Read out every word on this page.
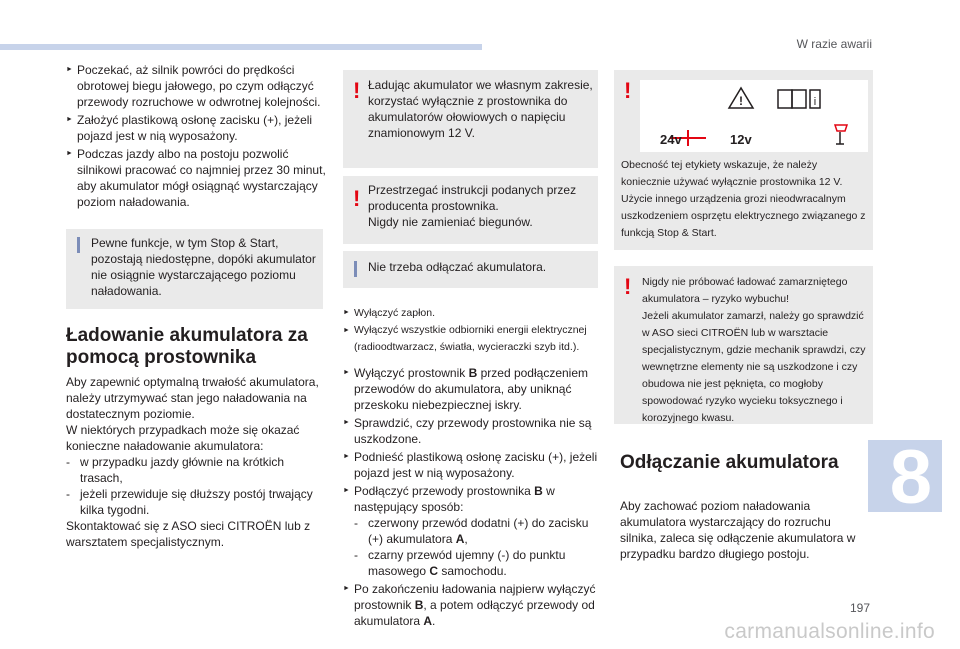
W razie awarii
8
197
carmanualsonline.info
► Poczekać, aż silnik powróci do prędkości obrotowej biegu jałowego, po czym odłączyć przewody rozruchowe w odwrotnej kolejności.
► Założyć plastikową osłonę zacisku (+), jeżeli pojazd jest w nią wyposażony.
► Podczas jazdy albo na postoju pozwolić silnikowi pracować co najmniej przez 30 minut, aby akumulator mógł osiągnąć wystarczający poziom naładowania.
Pewne funkcje, w tym Stop & Start, pozostają niedostępne, dopóki akumulator nie osiągnie wystarczającego poziomu naładowania.
Ładowanie akumulatora za pomocą prostownika
Aby zapewnić optymalną trwałość akumulatora, należy utrzymywać stan jego naładowania na dostatecznym poziomie.
W niektórych przypadkach może się okazać konieczne naładowanie akumulatora:
- w przypadku jazdy głównie na krótkich trasach,
- jeżeli przewiduje się dłuższy postój trwający kilka tygodni.
Skontaktować się z ASO sieci CITROËN lub z warsztatem specjalistycznym.
! Ładując akumulator we własnym zakresie, korzystać wyłącznie z prostownika do akumulatorów ołowiowych o napięciu znamionowym 12 V.
! Przestrzegać instrukcji podanych przez producenta prostownika.
Nigdy nie zamieniać biegunów.
Nie trzeba odłączać akumulatora.
► Wyłączyć zapłon.
► Wyłączyć wszystkie odbiorniki energii elektrycznej (radioodtwarzacz, światła, wycieraczki szyb itd.).
► Wyłączyć prostownik B przed podłączeniem przewodów do akumulatora, aby uniknąć przeskoku niebezpiecznej iskry.
► Sprawdzić, czy przewody prostownika nie są uszkodzone.
► Podnieść plastikową osłonę zacisku (+), jeżeli pojazd jest w nią wyposażony.
► Podłączyć przewody prostownika B w następujący sposób:
- czerwony przewód dodatni (+) do zacisku (+) akumulatora A,
- czarny przewód ujemny (-) do punktu masowego C samochodu.
► Po zakończeniu ładowania najpierw wyłączyć prostownik B, a potem odłączyć przewody od akumulatora A.
!	!	i
24v	12v
Obecność tej etykiety wskazuje, że należy koniecznie używać wyłącznie prostownika 12 V. Użycie innego urządzenia grozi nieodwracalnym uszkodzeniem osprzętu elektrycznego związanego z funkcją Stop & Start.
! Nigdy nie próbować ładować zamarzniętego akumulatora – ryzyko wybuchu!
Jeżeli akumulator zamarzł, należy go sprawdzić w ASO sieci CITROËN lub w warsztacie specjalistycznym, gdzie mechanik sprawdzi, czy wewnętrzne elementy nie są uszkodzone i czy obudowa nie jest pęknięta, co mogłoby spowodować ryzyko wycieku toksycznego i korozyjnego kwasu.
Odłączanie akumulatora
Aby zachować poziom naładowania akumulatora wystarczający do rozruchu silnika, zaleca się odłączenie akumulatora w przypadku bardzo długiego postoju.
